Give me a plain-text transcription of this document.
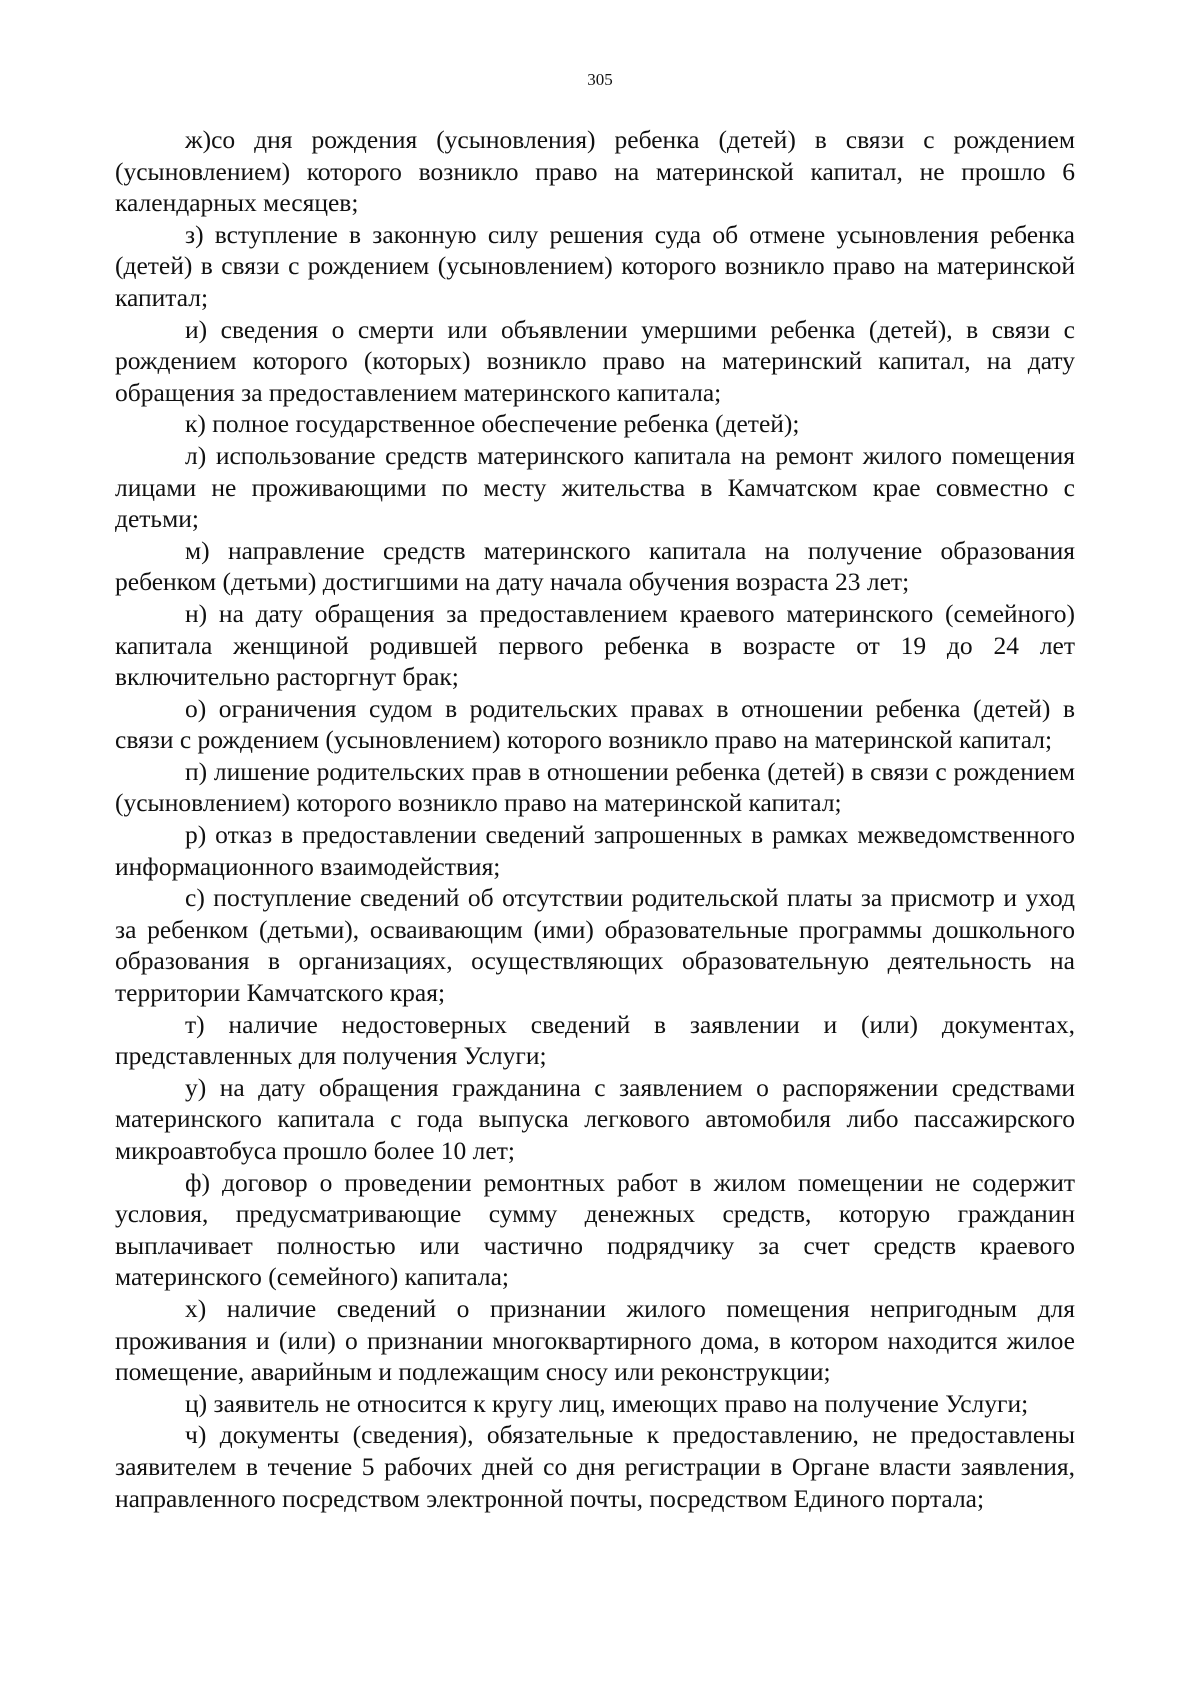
305

ж)со дня рождения (усыновления) ребенка (детей) в связи с рождением (усыновлением) которого возникло право на материнской капитал, не прошло 6 календарных месяцев;

з) вступление в законную силу решения суда об отмене усыновления ребенка (детей) в связи с рождением (усыновлением) которого возникло право на материнской капитал;

и) сведения о смерти или объявлении умершими ребенка (детей), в связи с рождением которого (которых) возникло право на материнский капитал, на дату обращения за предоставлением материнского капитала;

к) полное государственное обеспечение ребенка (детей);

л) использование средств материнского капитала на ремонт жилого помещения лицами не проживающими по месту жительства в Камчатском крае совместно с детьми;

м) направление средств материнского капитала на получение образования ребенком (детьми) достигшими на дату начала обучения возраста 23 лет;

н) на дату обращения за предоставлением краевого материнского (семейного) капитала женщиной родившей первого ребенка в возрасте от 19 до 24 лет включительно расторгнут брак;

о) ограничения судом в родительских правах в отношении ребенка (детей) в связи с рождением (усыновлением) которого возникло право на материнской капитал;

п) лишение родительских прав в отношении ребенка (детей) в связи с рождением (усыновлением) которого возникло право на материнской капитал;

р) отказ в предоставлении сведений запрошенных в рамках межведомственного информационного взаимодействия;

с) поступление сведений об отсутствии родительской платы за присмотр и уход за ребенком (детьми), осваивающим (ими) образовательные программы дошкольного образования в организациях, осуществляющих образовательную деятельность на территории Камчатского края;

т) наличие недостоверных сведений в заявлении и (или) документах, представленных для получения Услуги;

у) на дату обращения гражданина с заявлением о распоряжении средствами материнского капитала с года выпуска легкового автомобиля либо пассажирского микроавтобуса прошло более 10 лет;

ф) договор о проведении ремонтных работ в жилом помещении не содержит условия, предусматривающие сумму денежных средств, которую гражданин выплачивает полностью или частично подрядчику за счет средств краевого материнского (семейного) капитала;

х) наличие сведений о признании жилого помещения непригодным для проживания и (или) о признании многоквартирного дома, в котором находится жилое помещение, аварийным и подлежащим сносу или реконструкции;

ц) заявитель не относится к кругу лиц, имеющих право на получение Услуги;

ч) документы (сведения), обязательные к предоставлению, не предоставлены заявителем в течение 5 рабочих дней со дня регистрации в Органе власти заявления, направленного посредством электронной почты, посредством Единого портала;
